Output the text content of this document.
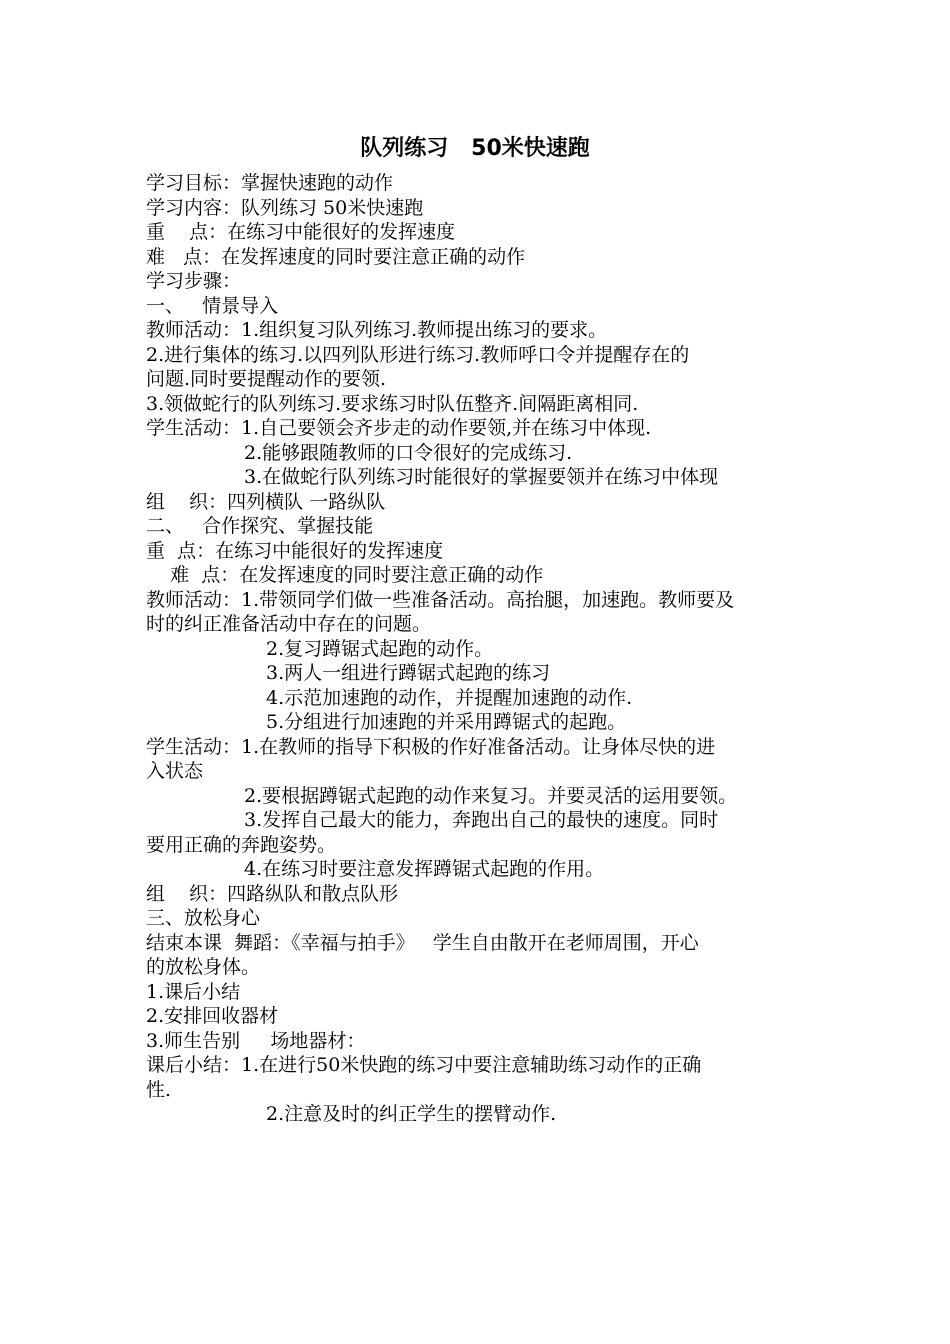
队列练习   50米快速跑
学习目标：掌握快速跑的动作
学习内容：队列练习 50米快速跑
重    点：在练习中能很好的发挥速度
难   点：在发挥速度的同时要注意正确的动作
学习步骤：
一、   情景导入
教师活动：1.组织复习队列练习.教师提出练习的要求。
2.进行集体的练习.以四列队形进行练习.教师呼口令并提醒存在的
问题.同时要提醒动作的要领.
3.领做蛇行的队列练习.要求练习时队伍整齐.间隔距离相同.
学生活动：1.自己要领会齐步走的动作要领,并在练习中体现.
2.能够跟随教师的口令很好的完成练习.
3.在做蛇行队列练习时能很好的掌握要领并在练习中体现
组    织：四列横队 一路纵队
二、   合作探究、掌握技能
重  点：在练习中能很好的发挥速度
难  点：在发挥速度的同时要注意正确的动作
教师活动：1.带领同学们做一些准备活动。高抬腿，加速跑。教师要及
时的纠正准备活动中存在的问题。
2.复习蹲锯式起跑的动作。
3.两人一组进行蹲锯式起跑的练习
4.示范加速跑的动作，并提醒加速跑的动作.
5.分组进行加速跑的并采用蹲锯式的起跑。
学生活动：1.在教师的指导下积极的作好准备活动。让身体尽快的进
入状态
2.要根据蹲锯式起跑的动作来复习。并要灵活的运用要领。
3.发挥自己最大的能力，奔跑出自己的最快的速度。同时
要用正确的奔跑姿势。
4.在练习时要注意发挥蹲锯式起跑的作用。
组    织：四路纵队和散点队形
三、放松身心
结束本课  舞蹈：《幸福与拍手》   学生自由散开在老师周围，开心
的放松身体。
1.课后小结
2.安排回收器材
3.师生告别     场地器材：
课后小结：1.在进行50米快跑的练习中要注意辅助练习动作的正确
性.
2.注意及时的纠正学生的摆臂动作.
